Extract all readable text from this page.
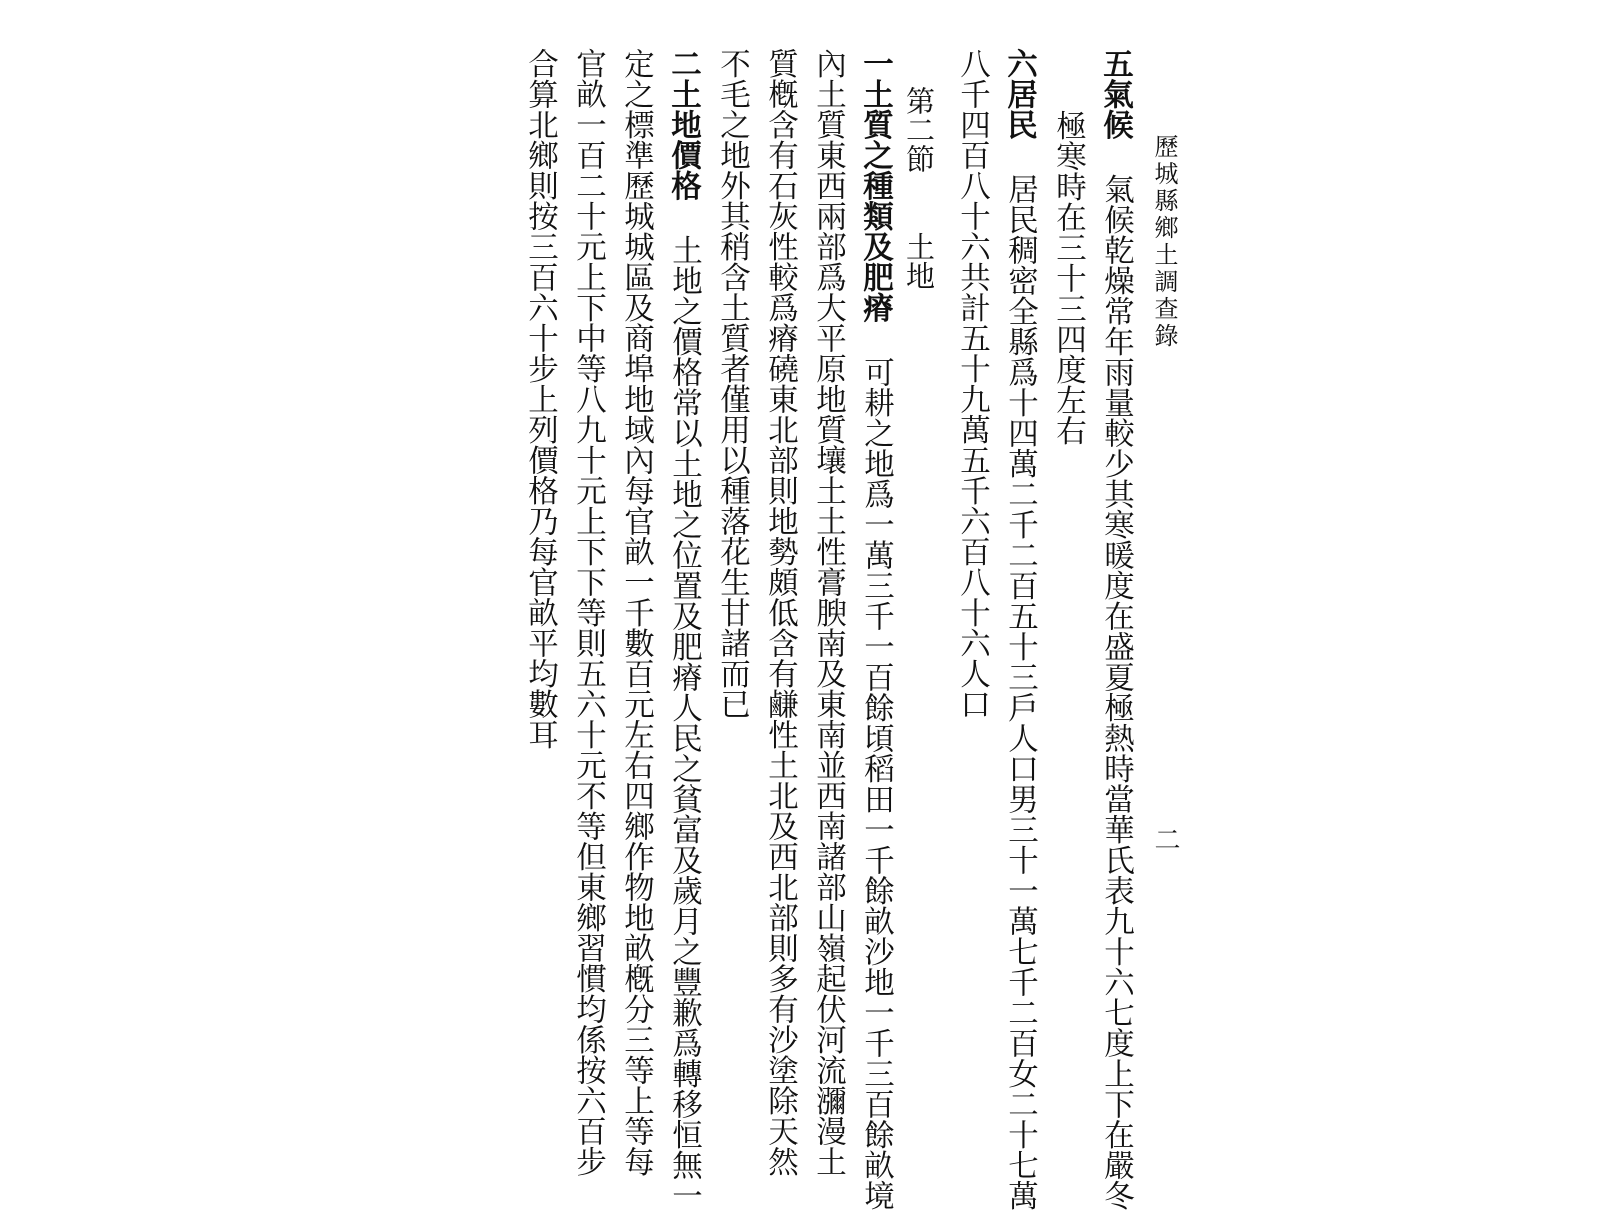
歷城縣鄉土調查錄
二
五氣候氣候乾燥常年雨量較少其寒暖度在盛夏極熱時當華氏表九十六七度上下在嚴冬
極寒時在三十三四度左右
六居民居民稠密全縣爲十四萬二千二百五十三戶人口男三十一萬七千二百女二十七萬
八千四百八十六共計五十九萬五千六百八十六人口
第二節
土地
一土質之種類及肥瘠可耕之地爲一萬三千一百餘頃稻田一千餘畝沙地一千三百餘畝境
內土質東西兩部爲大平原地質壤土土性膏腴南及東南並西南諸部山嶺起伏河流瀰漫土
質槪含有石灰性較爲瘠磽東北部則地勢頗低含有鹻性土北及西北部則多有沙塗除天然
不毛之地外其稍含土質者僅用以種落花生甘諸而已
二土地價格土地之價格常以土地之位置及肥瘠人民之貧富及歲月之豐歉爲轉移恒無一
定之標準歷城城區及商埠地域內每官畝一千數百元左右四鄉作物地畝槪分三等上等每
官畝一百二十元上下中等八九十元上下下等則五六十元不等但東鄉習慣均係按六百步
合算北鄉則按三百六十步上列價格乃每官畝平均數耳
